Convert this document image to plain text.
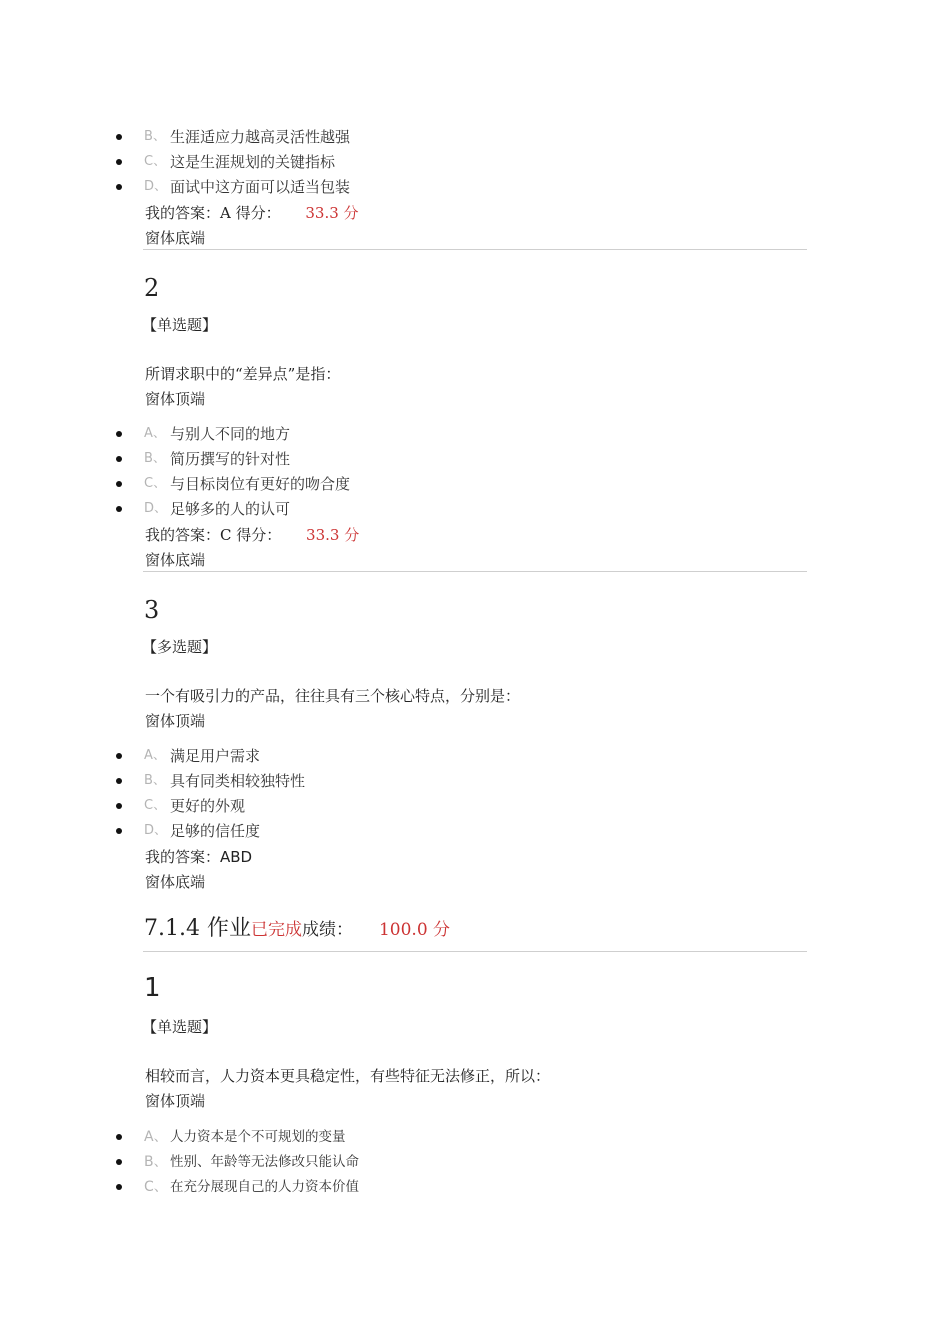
B、 生涯适应力越高灵活性越强
C、 这是生涯规划的关键指标
D、 面试中这方面可以适当包装
我的答案：A 得分： 33.3 分
窗体底端
2
【单选题】
所谓求职中的“差异点”是指：
窗体顶端
A、 与别人不同的地方
B、 简历撰写的针对性
C、 与目标岗位有更好的吻合度
D、 足够多的人的认可
我的答案：C 得分： 33.3 分
窗体底端
3
【多选题】
一个有吸引力的产品，往往具有三个核心特点，分别是：
窗体顶端
A、 满足用户需求
B、 具有同类相较独特性
C、 更好的外观
D、 足够的信任度
我的答案：ABD
窗体底端
7.1.4 作业已完成成绩： 100.0 分
1
【单选题】
相较而言，人力资本更具稳定性，有些特征无法修正，所以：
窗体顶端
A、 人力资本是个不可规划的变量
B、 性别、年龄等无法修改只能认命
C、 在充分展现自己的人力资本价值
